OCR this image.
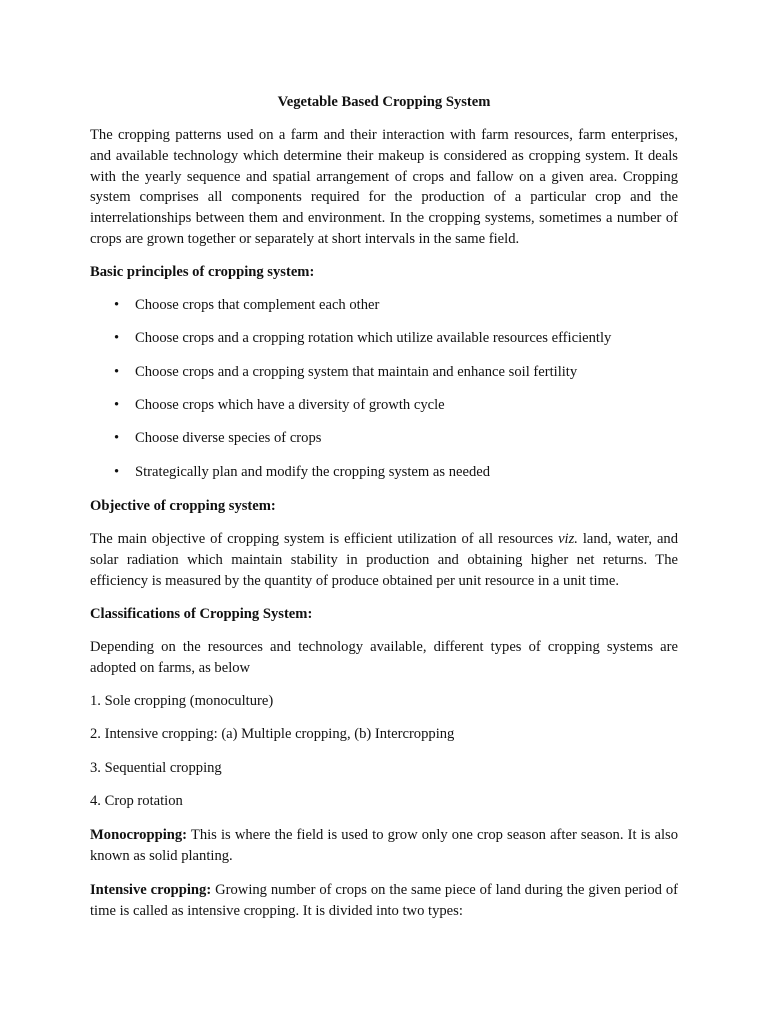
Vegetable Based Cropping System

The cropping patterns used on a farm and their interaction with farm resources, farm enterprises, and available technology which determine their makeup is considered as cropping system. It deals with the yearly sequence and spatial arrangement of crops and fallow on a given area. Cropping system comprises all components required for the production of a particular crop and the interrelationships between them and environment. In the cropping systems, sometimes a number of crops are grown together or separately at short intervals in the same field.

Basic principles of cropping system:

• Choose crops that complement each other
• Choose crops and a cropping rotation which utilize available resources efficiently
• Choose crops and a cropping system that maintain and enhance soil fertility
• Choose crops which have a diversity of growth cycle
• Choose diverse species of crops
• Strategically plan and modify the cropping system as needed

Objective of cropping system:

The main objective of cropping system is efficient utilization of all resources viz. land, water, and solar radiation which maintain stability in production and obtaining higher net returns. The efficiency is measured by the quantity of produce obtained per unit resource in a unit time.

Classifications of Cropping System:

Depending on the resources and technology available, different types of cropping systems are adopted on farms, as below

1. Sole cropping (monoculture)

2. Intensive cropping: (a) Multiple cropping, (b) Intercropping

3. Sequential cropping

4. Crop rotation

Monocropping: This is where the field is used to grow only one crop season after season. It is also known as solid planting.

Intensive cropping: Growing number of crops on the same piece of land during the given period of time is called as intensive cropping. It is divided into two types:
